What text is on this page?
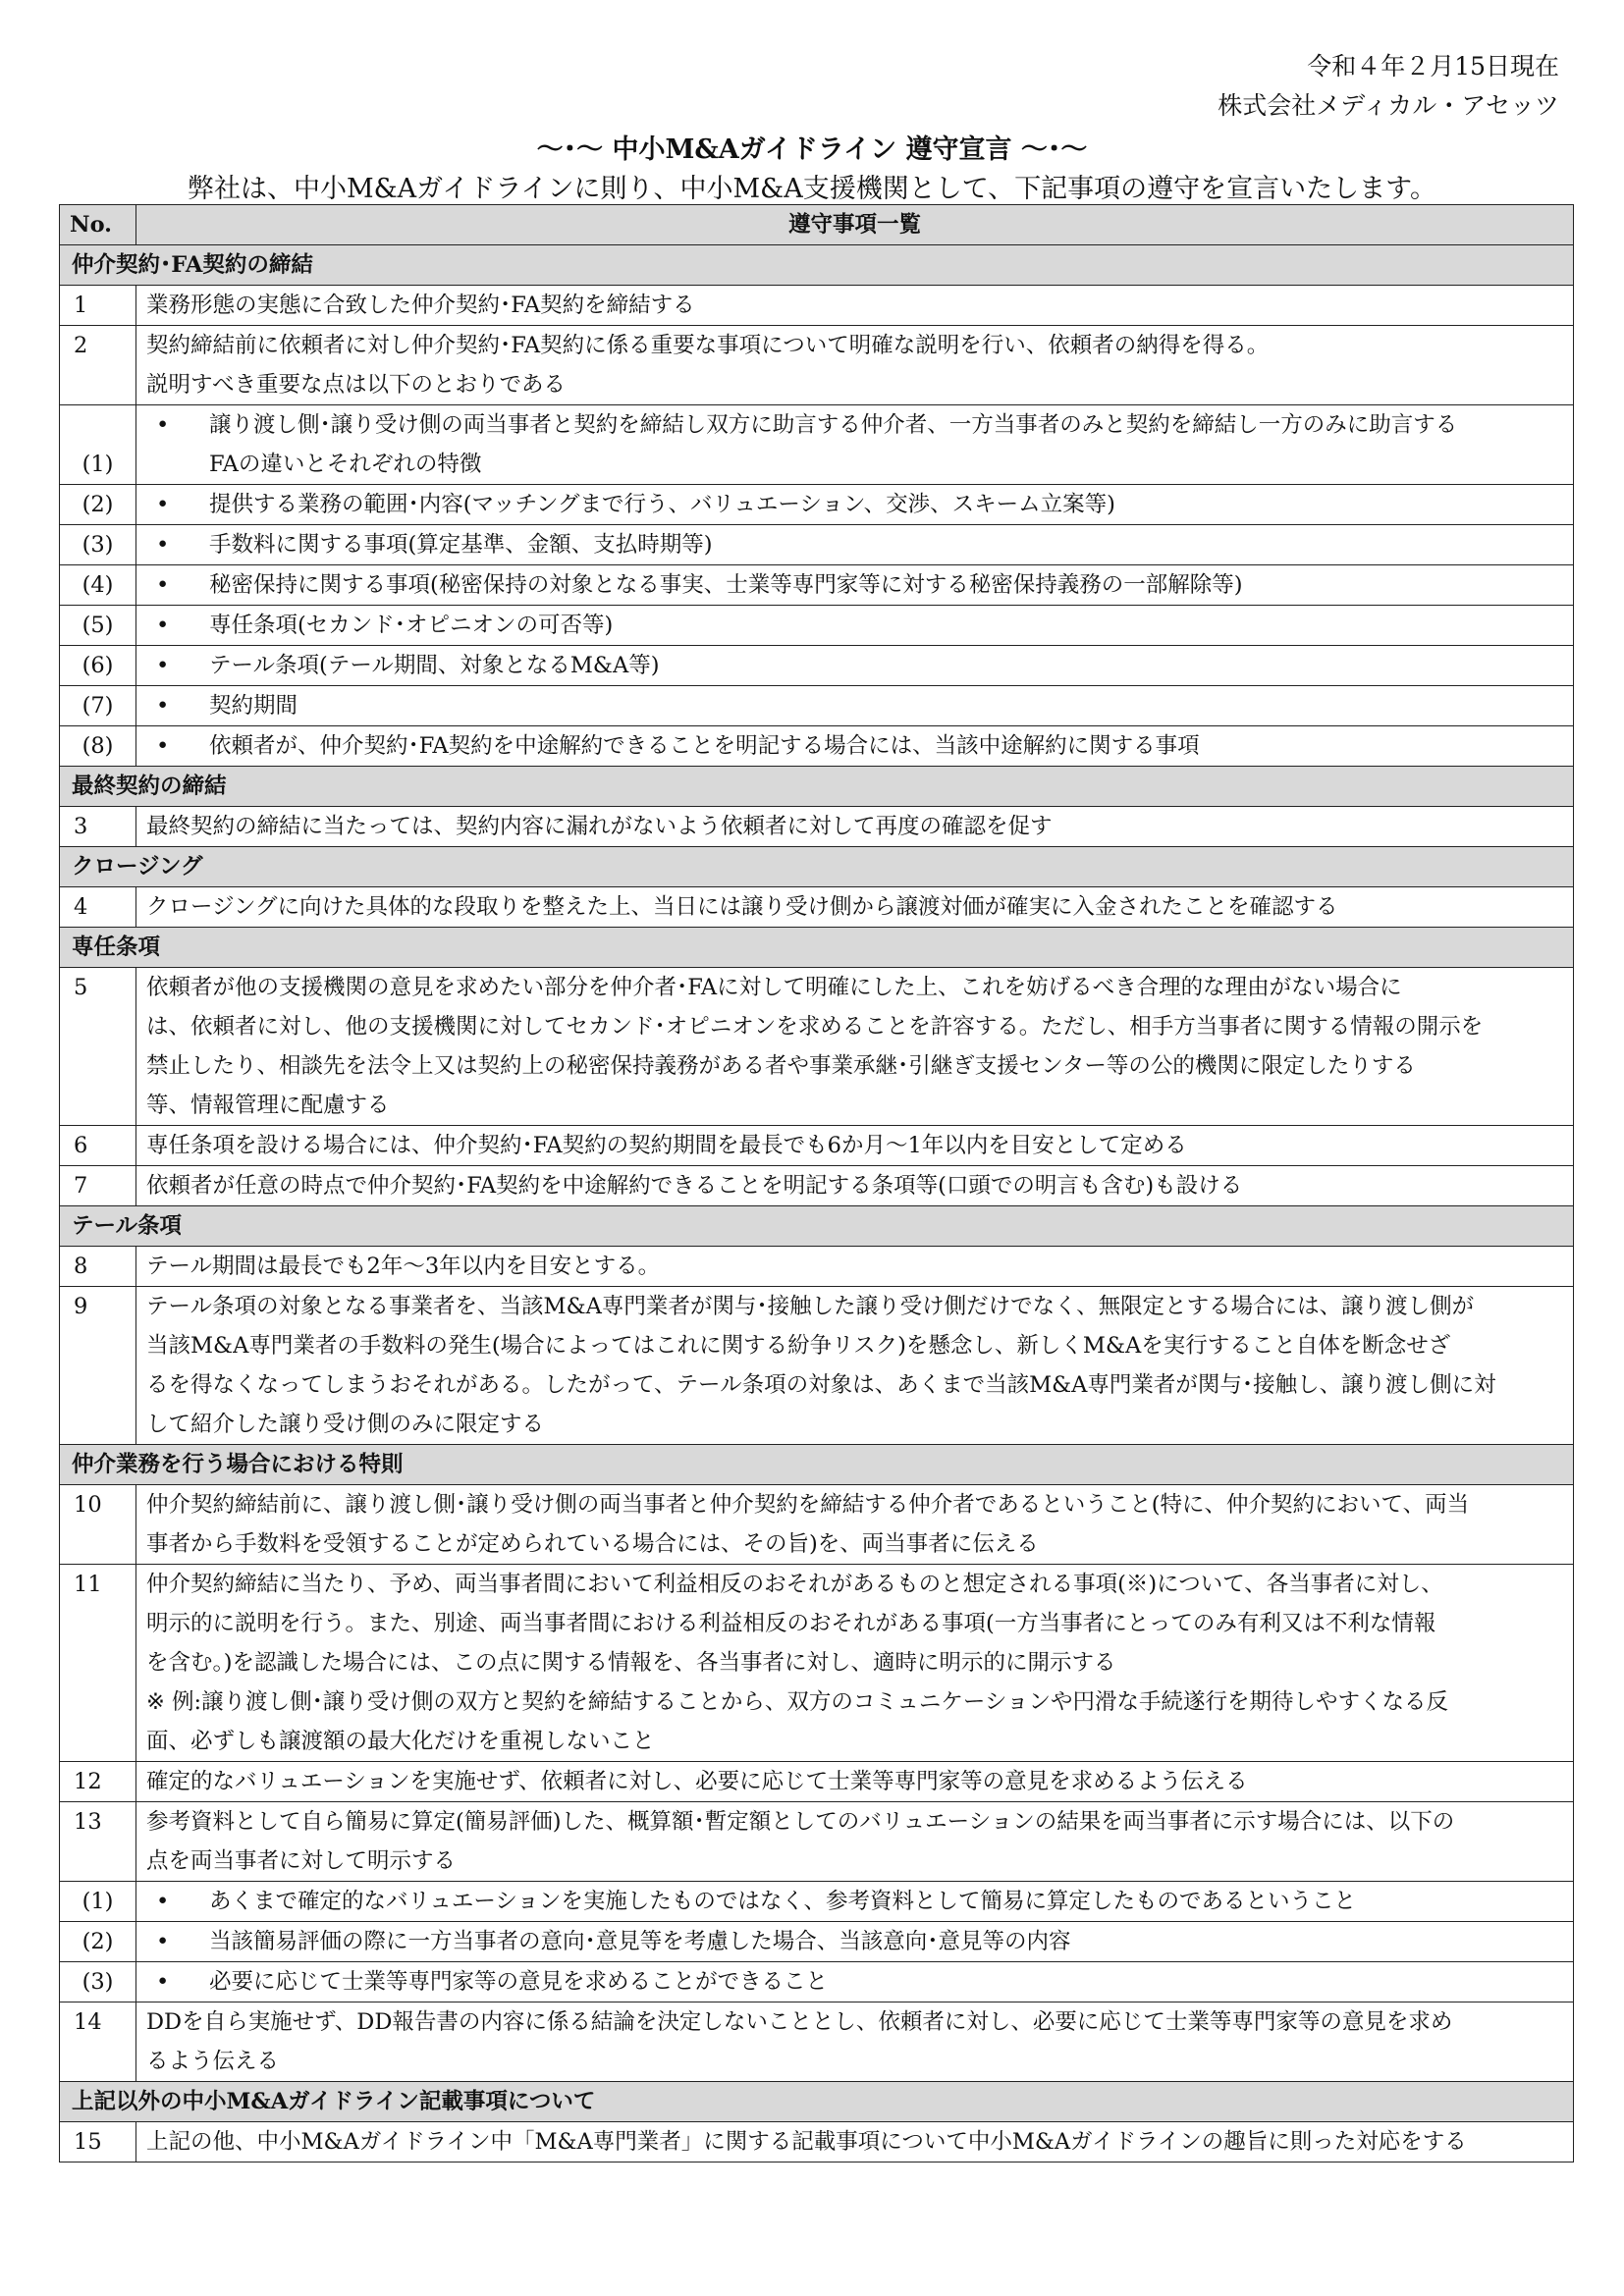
令和４年２月15日現在
株式会社メディカル・アセッツ
〜･〜 中小M&Aガイドライン 遵守宣言 〜･〜
弊社は、中小M&Aガイドラインに則り、中小M&A支援機関として、下記事項の遵守を宣言いたします。
No.	遵守事項一覧
仲介契約･FA契約の締結	
1	業務形態の実態に合致した仲介契約･FA契約を締結する
2	契約締結前に依頼者に対し仲介契約･FA契約に係る重要な事項について明確な説明を行い、依頼者の納得を得る。
説明すべき重要な点は以下のとおりである
(1)	• 譲り渡し側･譲り受け側の両当事者と契約を締結し双方に助言する仲介者、一方当事者のみと契約を締結し一方のみに助言する
FAの違いとそれぞれの特徴

(2)	• 提供する業務の範囲･内容(マッチングまで行う、バリュエーション、交渉、スキーム立案等)
(3)	• 手数料に関する事項(算定基準、金額、支払時期等)
(4)	• 秘密保持に関する事項(秘密保持の対象となる事実、士業等専門家等に対する秘密保持義務の一部解除等)
(5)	• 専任条項(セカンド･オピニオンの可否等)
(6)	• テール条項(テール期間、対象となるM&A等)
(7)	• 契約期間
(8)	• 依頼者が、仲介契約･FA契約を中途解約できることを明記する場合には、当該中途解約に関する事項
最終契約の締結	
3	最終契約の締結に当たっては、契約内容に漏れがないよう依頼者に対して再度の確認を促す
クロージング	
4	クロージングに向けた具体的な段取りを整えた上、当日には譲り受け側から譲渡対価が確実に入金されたことを確認する
専任条項	
5	依頼者が他の支援機関の意見を求めたい部分を仲介者･FAに対して明確にした上、これを妨げるべき合理的な理由がない場合に
は、依頼者に対し、他の支援機関に対してセカンド･オピニオンを求めることを許容する。ただし、相手方当事者に関する情報の開示を
禁止したり、相談先を法令上又は契約上の秘密保持義務がある者や事業承継･引継ぎ支援センター等の公的機関に限定したりする
等、情報管理に配慮する
6	専任条項を設ける場合には、仲介契約･FA契約の契約期間を最長でも6か月〜1年以内を目安として定める
7	依頼者が任意の時点で仲介契約･FA契約を中途解約できることを明記する条項等(口頭での明言も含む)も設ける
テール条項	
8	テール期間は最長でも2年〜3年以内を目安とする。
9	テール条項の対象となる事業者を、当該M&A専門業者が関与･接触した譲り受け側だけでなく、無限定とする場合には、譲り渡し側が
当該M&A専門業者の手数料の発生(場合によってはこれに関する紛争リスク)を懸念し、新しくM&Aを実行すること自体を断念せざ
るを得なくなってしまうおそれがある。したがって、テール条項の対象は、あくまで当該M&A専門業者が関与･接触し、譲り渡し側に対
して紹介した譲り受け側のみに限定する
仲介業務を行う場合における特則	
10	仲介契約締結前に、譲り渡し側･譲り受け側の両当事者と仲介契約を締結する仲介者であるということ(特に、仲介契約において、両当
事者から手数料を受領することが定められている場合には、その旨)を、両当事者に伝える
11	仲介契約締結に当たり、予め、両当事者間において利益相反のおそれがあるものと想定される事項(※)について、各当事者に対し、
明示的に説明を行う。また、別途、両当事者間における利益相反のおそれがある事項(一方当事者にとってのみ有利又は不利な情報
を含む。)を認識した場合には、この点に関する情報を、各当事者に対し、適時に明示的に開示する
※ 例:譲り渡し側･譲り受け側の双方と契約を締結することから、双方のコミュニケーションや円滑な手続遂行を期待しやすくなる反
面、必ずしも譲渡額の最大化だけを重視しないこと
12	確定的なバリュエーションを実施せず、依頼者に対し、必要に応じて士業等専門家等の意見を求めるよう伝える
13	参考資料として自ら簡易に算定(簡易評価)した、概算額･暫定額としてのバリュエーションの結果を両当事者に示す場合には、以下の
点を両当事者に対して明示する
(1)	• あくまで確定的なバリュエーションを実施したものではなく、参考資料として簡易に算定したものであるということ
(2)	• 当該簡易評価の際に一方当事者の意向･意見等を考慮した場合、当該意向･意見等の内容
(3)	• 必要に応じて士業等専門家等の意見を求めることができること
14	DDを自ら実施せず、DD報告書の内容に係る結論を決定しないこととし、依頼者に対し、必要に応じて士業等専門家等の意見を求め
るよう伝える
上記以外の中小M&Aガイドライン記載事項について	
15	上記の他、中小M&Aガイドライン中「M&A専門業者」に関する記載事項について中小M&Aガイドラインの趣旨に則った対応をする
